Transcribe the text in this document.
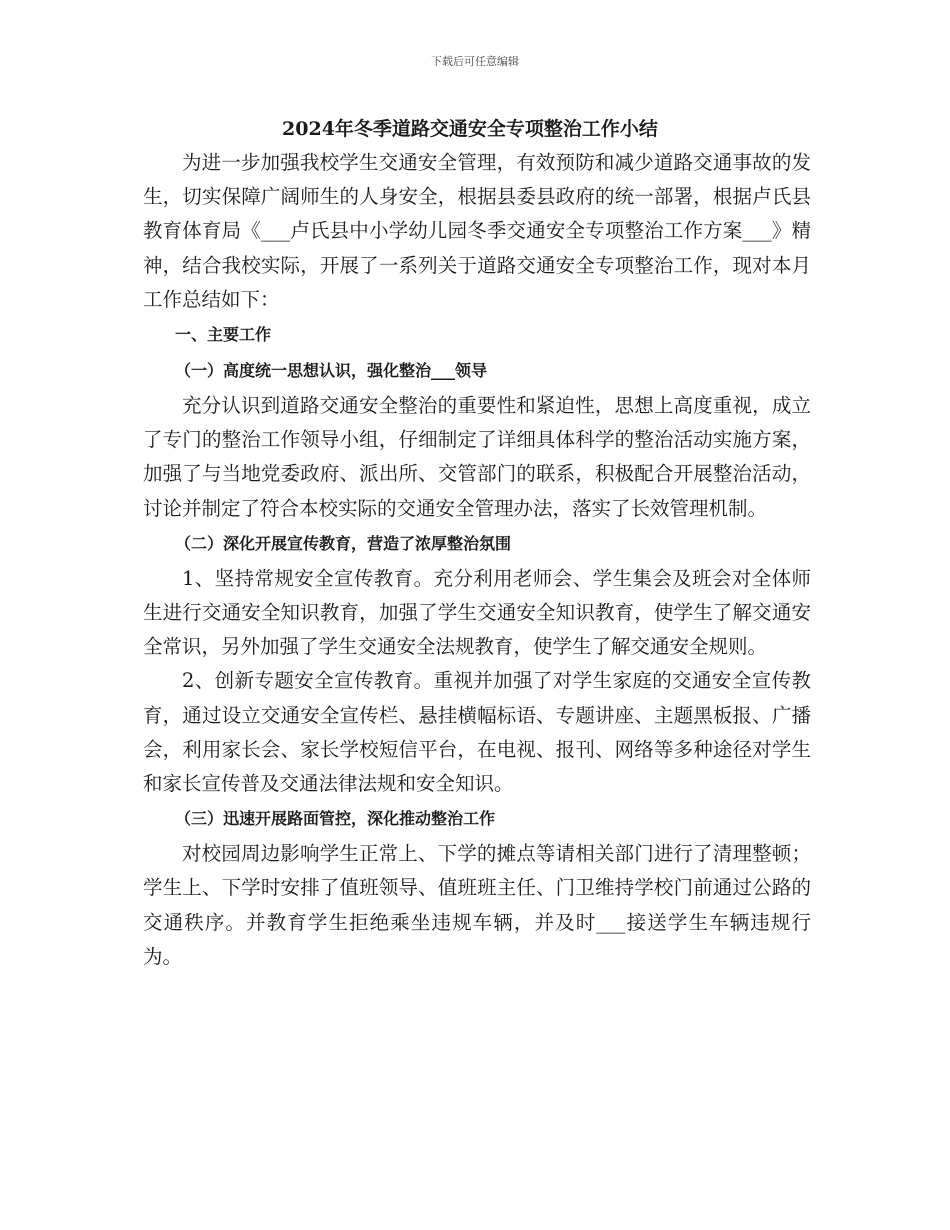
下载后可任意编辑
2024年冬季道路交通安全专项整治工作小结

为进一步加强我校学生交通安全管理，有效预防和减少道路交通事故的发生，切实保障广阔师生的人身安全，根据县委县政府的统一部署，根据卢氏县教育体育局《___卢氏县中小学幼儿园冬季交通安全专项整治工作方案___》精神，结合我校实际，开展了一系列关于道路交通安全专项整治工作，现对本月工作总结如下：

一、主要工作
（一）高度统一思想认识，强化整治___领导

充分认识到道路交通安全整治的重要性和紧迫性，思想上高度重视，成立了专门的整治工作领导小组，仔细制定了详细具体科学的整治活动实施方案，加强了与当地党委政府、派出所、交管部门的联系，积极配合开展整治活动，讨论并制定了符合本校实际的交通安全管理办法，落实了长效管理机制。

（二）深化开展宣传教育，营造了浓厚整治氛围

1、坚持常规安全宣传教育。充分利用老师会、学生集会及班会对全体师生进行交通安全知识教育，加强了学生交通安全知识教育，使学生了解交通安全常识，另外加强了学生交通安全法规教育，使学生了解交通安全规则。

2、创新专题安全宣传教育。重视并加强了对学生家庭的交通安全宣传教育，通过设立交通安全宣传栏、悬挂横幅标语、专题讲座、主题黑板报、广播会，利用家长会、家长学校短信平台，在电视、报刊、网络等多种途径对学生和家长宣传普及交通法律法规和安全知识。

（三）迅速开展路面管控，深化推动整治工作

对校园周边影响学生正常上、下学的摊点等请相关部门进行了清理整顿；学生上、下学时安排了值班领导、值班班主任、门卫维持学校门前通过公路的交通秩序。并教育学生拒绝乘坐违规车辆，并及时___接送学生车辆违规行为。
